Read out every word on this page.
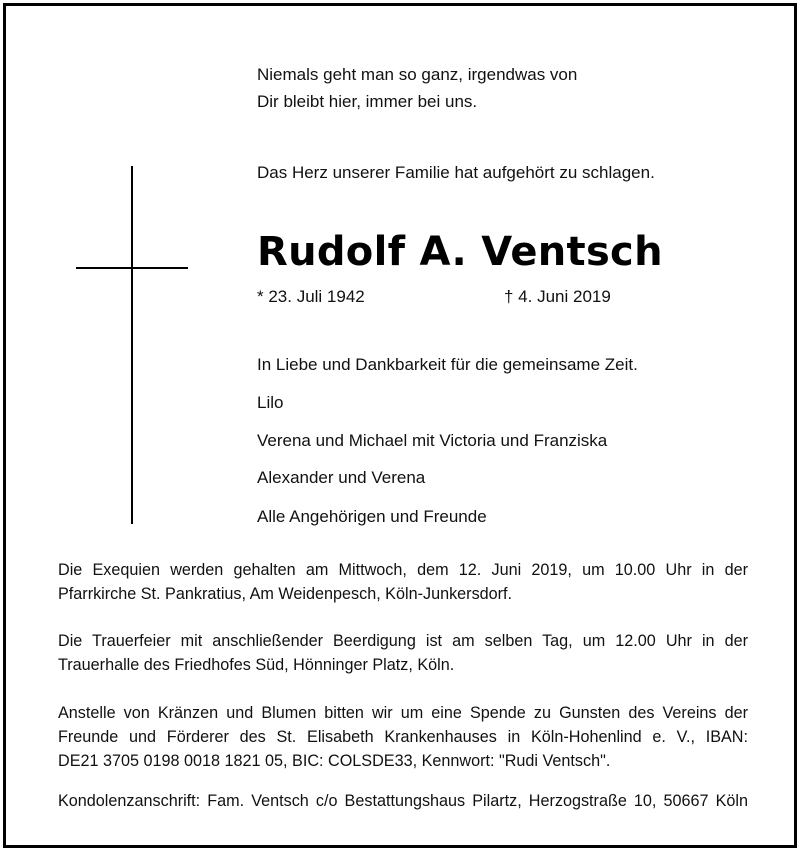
Niemals geht man so ganz, irgendwas von
Dir bleibt hier, immer bei uns.
Das Herz unserer Familie hat aufgehört zu schlagen.
Rudolf A. Ventsch
* 23. Juli 1942	† 4. Juni 2019
In Liebe und Dankbarkeit für die gemeinsame Zeit.
Lilo
Verena und Michael mit Victoria und Franziska
Alexander und Verena
Alle Angehörigen und Freunde
Die Exequien werden gehalten am Mittwoch, dem 12. Juni 2019, um 10.00 Uhr in der
Pfarrkirche St. Pankratius, Am Weidenpesch, Köln-Junkersdorf.
Die Trauerfeier mit anschließender Beerdigung ist am selben Tag, um 12.00 Uhr in der
Trauerhalle des Friedhofes Süd, Hönninger Platz, Köln.
Anstelle von Kränzen und Blumen bitten wir um eine Spende zu Gunsten des Vereins der
Freunde und Förderer des St. Elisabeth Krankenhauses in Köln-Hohenlind e. V., IBAN:
DE21 3705 0198 0018 1821 05, BIC: COLSDE33, Kennwort: "Rudi Ventsch".
Kondolenzanschrift: Fam. Ventsch c/o Bestattungshaus Pilartz, Herzogstraße 10, 50667 Köln
